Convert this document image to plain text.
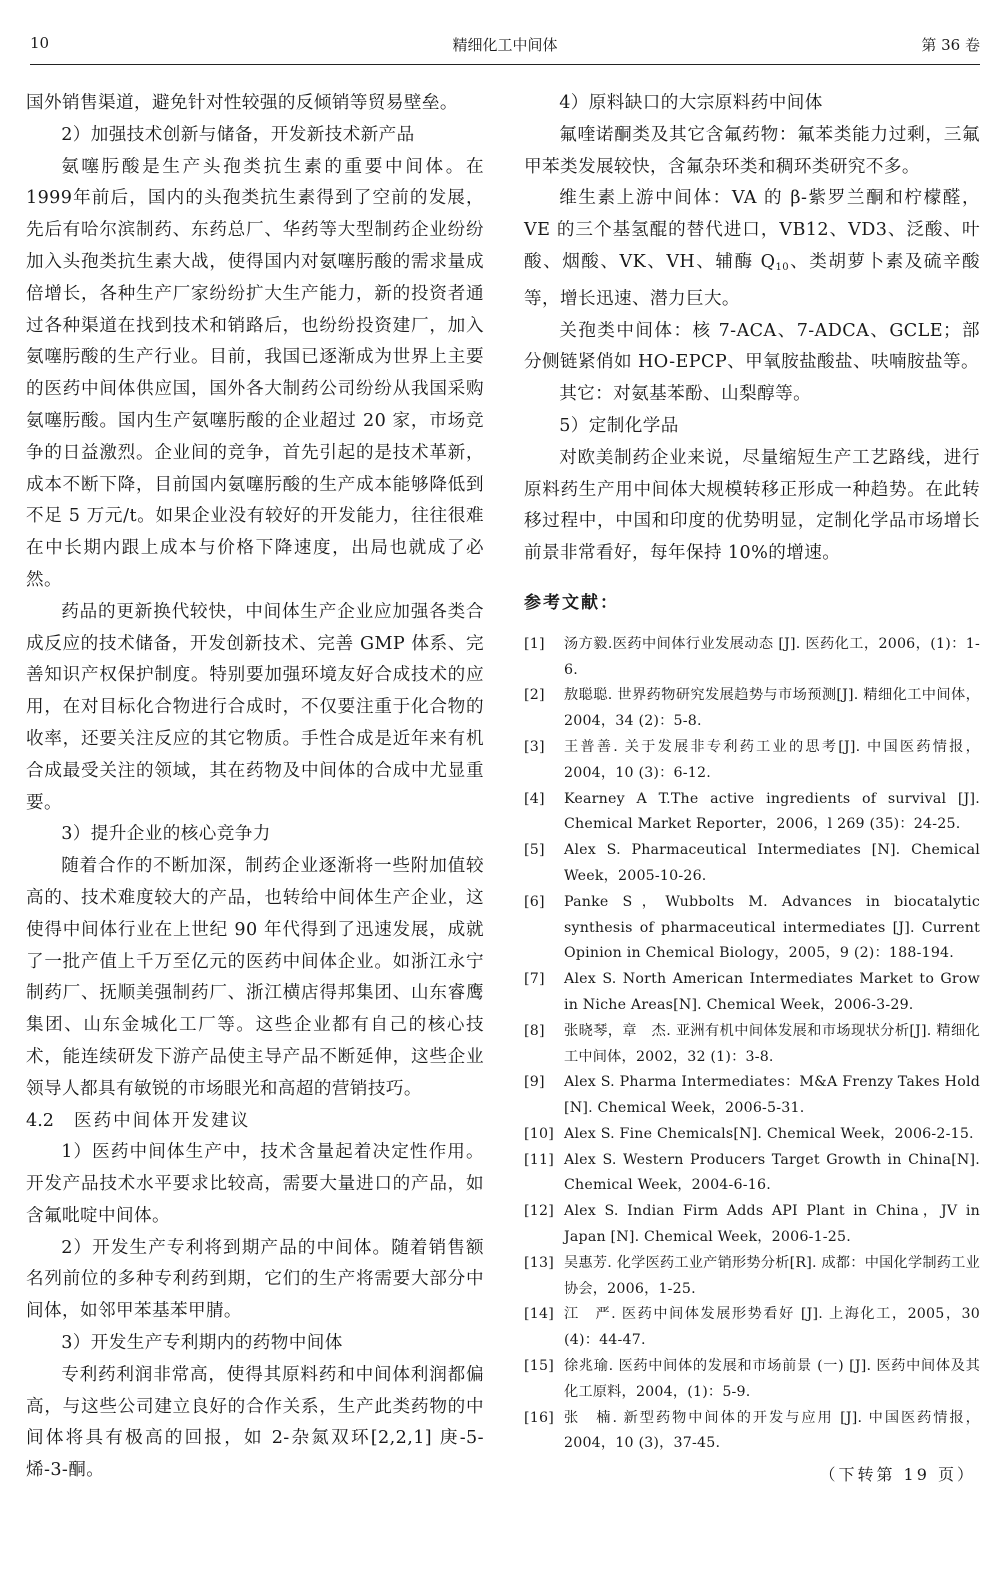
10	精细化工中间体	第 36 卷

国外销售渠道，避免针对性较强的反倾销等贸易壁垒。

2）加强技术创新与储备，开发新技术新产品

氨噻肟酸是生产头孢类抗生素的重要中间体。在1999年前后，国内的头孢类抗生素得到了空前的发展，先后有哈尔滨制药、东药总厂、华药等大型制药企业纷纷加入头孢类抗生素大战，使得国内对氨噻肟酸的需求量成倍增长，各种生产厂家纷纷扩大生产能力，新的投资者通过各种渠道在找到技术和销路后，也纷纷投资建厂，加入氨噻肟酸的生产行业。目前，我国已逐渐成为世界上主要的医药中间体供应国，国外各大制药公司纷纷从我国采购氨噻肟酸。国内生产氨噻肟酸的企业超过 20 家，市场竞争的日益激烈。企业间的竞争，首先引起的是技术革新，成本不断下降，目前国内氨噻肟酸的生产成本能够降低到不足 5 万元/t。如果企业没有较好的开发能力，往往很难在中长期内跟上成本与价格下降速度，出局也就成了必然。

药品的更新换代较快，中间体生产企业应加强各类合成反应的技术储备，开发创新技术、完善 GMP 体系、完善知识产权保护制度。特别要加强环境友好合成技术的应用，在对目标化合物进行合成时，不仅要注重于化合物的收率，还要关注反应的其它物质。手性合成是近年来有机合成最受关注的领域，其在药物及中间体的合成中尤显重要。

3）提升企业的核心竞争力

随着合作的不断加深，制药企业逐渐将一些附加值较高的、技术难度较大的产品，也转给中间体生产企业，这使得中间体行业在上世纪 90 年代得到了迅速发展，成就了一批产值上千万至亿元的医药中间体企业。如浙江永宁制药厂、抚顺美强制药厂、浙江横店得邦集团、山东睿鹰集团、山东金城化工厂等。这些企业都有自己的核心技术，能连续研发下游产品使主导产品不断延伸，这些企业领导人都具有敏锐的市场眼光和高超的营销技巧。

4.2 医药中间体开发建议

1）医药中间体生产中，技术含量起着决定性作用。开发产品技术水平要求比较高，需要大量进口的产品，如含氟吡啶中间体。

2）开发生产专利将到期产品的中间体。随着销售额名列前位的多种专利药到期，它们的生产将需要大部分中间体，如邻甲苯基苯甲腈。

3）开发生产专利期内的药物中间体

专利药利润非常高，使得其原料药和中间体利润都偏高，与这些公司建立良好的合作关系，生产此类药物的中间体将具有极高的回报，如 2-杂氮双环[2,2,1] 庚-5-烯-3-酮。

4）原料缺口的大宗原料药中间体

氟喹诺酮类及其它含氟药物：氟苯类能力过剩，三氟甲苯类发展较快，含氟杂环类和稠环类研究不多。

维生素上游中间体：VA 的 β-紫罗兰酮和柠檬醛，VE 的三个基氢醌的替代进口，VB12、VD3、泛酸、叶酸、烟酸、VK、VH、辅酶 $Q_{10}$、类胡萝卜素及硫辛酸等，增长迅速、潜力巨大。

关孢类中间体：核 7-ACA、7-ADCA、GCLE；部分侧链紧俏如 HO-EPCP、甲氧胺盐酸盐、呋喃胺盐等。

其它：对氨基苯酚、山梨醇等。

5）定制化学品

对欧美制药企业来说，尽量缩短生产工艺路线，进行原料药生产用中间体大规模转移正形成一种趋势。在此转移过程中，中国和印度的优势明显，定制化学品市场增长前景非常看好，每年保持 10%的增速。

参考文献：

[1]	汤方毅.医药中间体行业发展动态 [J]. 医药化工，2006，(1)：1-6.
[2]	敖聪聪. 世界药物研究发展趋势与市场预测[J]. 精细化工中间体，2004，34 (2)：5-8.
[3]	王普善. 关于发展非专利药工业的思考[J]. 中国医药情报，2004，10 (3)：6-12.
[4]	Kearney A T.The active ingredients of survival [J]. Chemical Market Reporter，2006，l 269 (35)：24-25.
[5]	Alex S. Pharmaceutical Intermediates [N]. Chemical Week，2005-10-26.
[6]	Panke S，Wubbolts M. Advances in biocatalytic synthesis of pharmaceutical intermediates [J]. Current Opinion in Chemical Biology，2005，9 (2)：188-194.
[7]	Alex S. North American Intermediates Market to Grow in Niche Areas[N]. Chemical Week，2006-3-29.
[8]	张晓琴，章　杰. 亚洲有机中间体发展和市场现状分析[J]. 精细化工中间体，2002，32 (1)：3-8.
[9]	Alex S. Pharma Intermediates：M&A Frenzy Takes Hold [N]. Chemical Week，2006-5-31.
[10] Alex S. Fine Chemicals[N]. Chemical Week，2006-2-15.
[11] Alex S. Western Producers Target Growth in China[N]. Chemical Week，2004-6-16.
[12] Alex S. Indian Firm Adds API Plant in China，JV in Japan [N]. Chemical Week，2006-1-25.
[13] 吴惠芳. 化学医药工业产销形势分析[R]. 成都：中国化学制药工业协会，2006，1-25.
[14] 江　严. 医药中间体发展形势看好 [J]. 上海化工，2005，30 (4)：44-47.
[15] 徐兆瑜. 医药中间体的发展和市场前景 (一) [J]. 医药中间体及其化工原料，2004，(1)：5-9.
[16] 张　楠. 新型药物中间体的开发与应用 [J]. 中国医药情报，2004，10 (3)，37-45.
（下转第 19 页）
